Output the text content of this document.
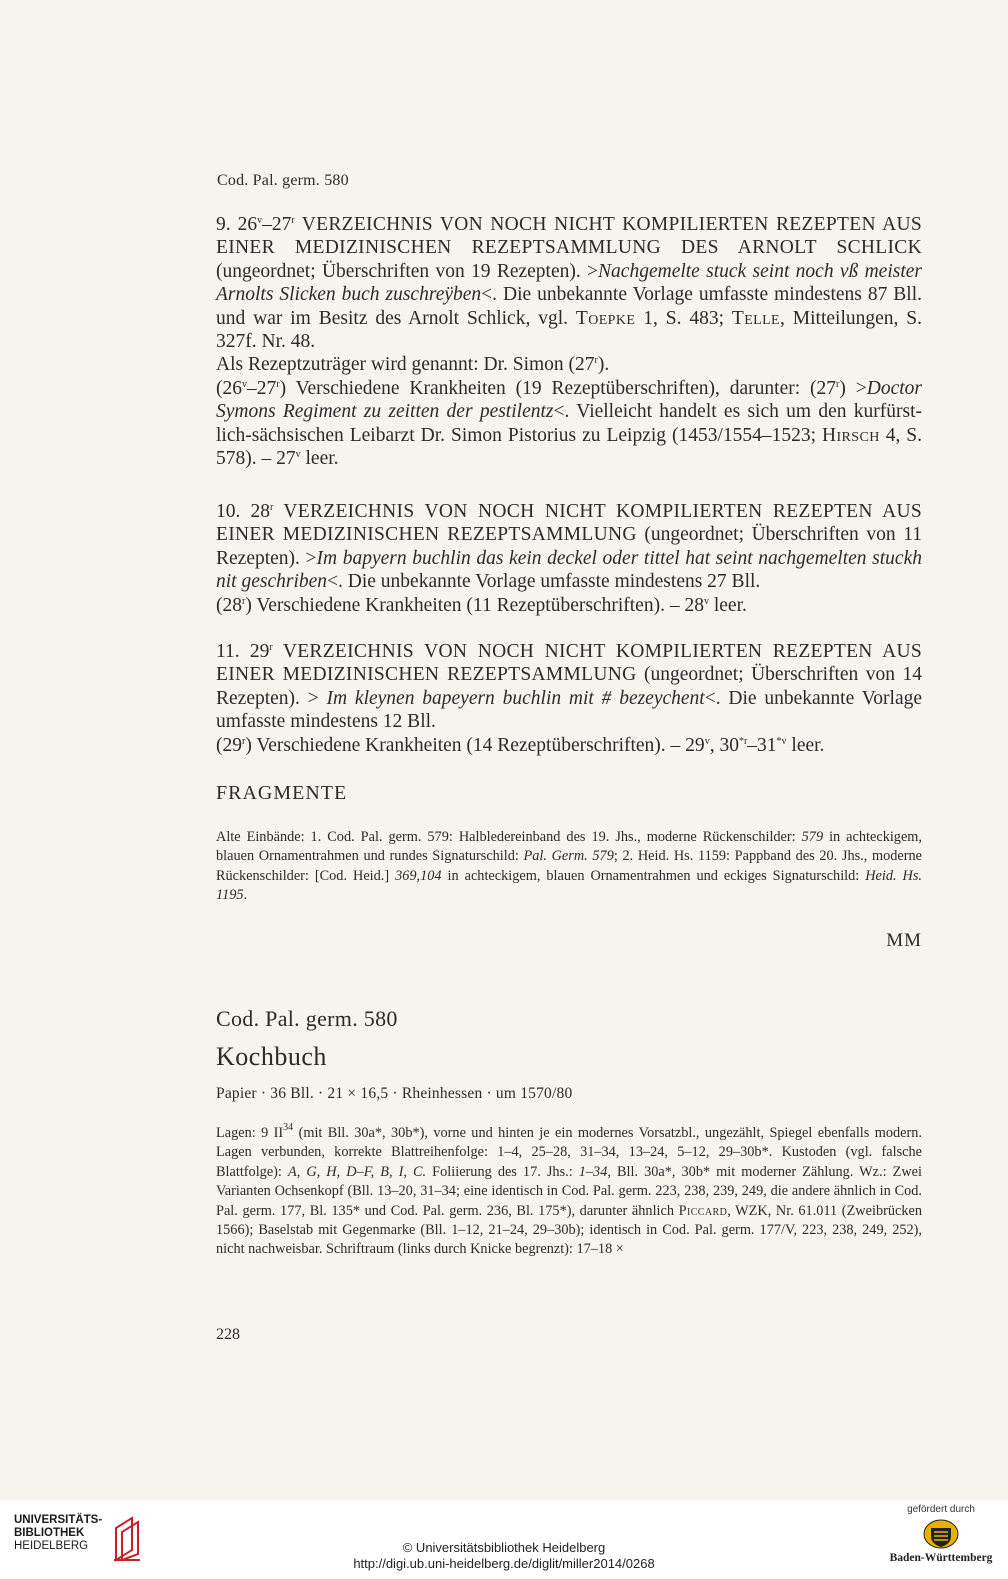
Cod. Pal. germ. 580

9. 26$^v$–27$^r$ VERZEICHNIS VON NOCH NICHT KOMPILIERTEN REZEPTEN AUS EINER MEDIZINISCHEN REZEPTSAMMLUNG DES ARNOLT SCHLICK (ungeordnet; Überschriften von 19 Rezepten). >Nachgemelte stuck seint noch vß meister Arnolts Slicken buch zuschreÿben<. Die unbekannte Vorlage umfasste mindestens 87 Bll. und war im Besitz des Arnolt Schlick, vgl. Toepke 1, S. 483; Telle, Mitteilungen, S. 327f. Nr. 48.

Als Rezeptzuträger wird genannt: Dr. Simon (27$^r$).

(26$^v$–27$^r$) Verschiedene Krankheiten (19 Rezeptüberschriften), darunter: $(27^r)$ >Doctor Symons Regiment zu zeitten der pestilentz<. Vielleicht handelt es sich um den kurfürstlich-sächsischen Leibarzt Dr. Simon Pistorius zu Leipzig (1453/1554–1523; Hirsch 4, S. 578). – 27$^v$ leer.

10. 28$^r$ VERZEICHNIS VON NOCH NICHT KOMPILIERTEN REZEPTEN AUS EINER MEDIZINISCHEN REZEPTSAMMLUNG (ungeordnet; Überschriften von 11 Rezepten). >Im bapyern buchlin das kein deckel oder tittel hat seint nachgemelten stuckh nit geschriben<. Die unbekannte Vorlage umfasste mindestens 27 Bll.

(28$^r$) Verschiedene Krankheiten (11 Rezeptüberschriften). – 28$^v$ leer.

11. 29$^r$ VERZEICHNIS VON NOCH NICHT KOMPILIERTEN REZEPTEN AUS EINER MEDIZINISCHEN REZEPTSAMMLUNG (ungeordnet; Überschriften von 14 Rezepten). > Im kleynen bapeyern buchlin mit # bezeychent<. Die unbekannte Vorlage umfasste mindestens 12 Bll.

(29$^r$) Verschiedene Krankheiten (14 Rezeptüberschriften). – 29$^v$, 30$^{*r}$–31$^{*v}$ leer.

FRAGMENTE
Alte Einbände: 1. Cod. Pal. germ. 579: Halbledereinband des 19. Jhs., moderne Rückenschilder: 579 in achteckigem, blauen Ornamentrahmen und rundes Signaturschild: Pal. Germ. 579; 2. Heid. Hs. 1159: Pappband des 20. Jhs., moderne Rückenschilder: [Cod. Heid.] 369,104 in achteckigem, blauen Ornamentrahmen und eckiges Signaturschild: Heid. Hs. 1195.
MM
Cod. Pal. germ. 580
Kochbuch
Papier · 36 Bll. · 21 × 16,5 · Rheinhessen · um 1570/80
Lagen: 9 II$^{34}$ (mit Bll. 30a*, 30b*), vorne und hinten je ein modernes Vorsatzbl., ungezählt, Spiegel ebenfalls modern. Lagen verbunden, korrekte Blattreihenfolge: 1–4, 25–28, 31–34, 13–24, 5–12, 29–30b*. Kustoden (vgl. falsche Blattfolge): A, G, H, D–F, B, I, C. Foliierung des 17. Jhs.: 1–34, Bll. 30a*, 30b* mit moderner Zählung. Wz.: Zwei Varianten Ochsenkopf (Bll. 13–20, 31–34; eine identisch in Cod. Pal. germ. 223, 238, 239, 249, die andere ähnlich in Cod. Pal. germ. 177, Bl. 135* und Cod. Pal. germ. 236, Bl. 175*), darunter ähnlich Piccard, WZK, Nr. 61.011 (Zweibrücken 1566); Baselstab mit Gegenmarke (Bll. 1–12, 21–24, 29–30b); identisch in Cod. Pal. germ. 177/V, 223, 238, 249, 252), nicht nachweisbar. Schriftraum (links durch Knicke begrenzt): 17–18 ×
228
UNIVERSITÄTS-
BIBLIOTHEK
HEIDELBERG	© Universitätsbibliothek Heidelberg
http://digi.ub.uni-heidelberg.de/diglit/miller2014/0268
gefördert durch
Baden-Württemberg
